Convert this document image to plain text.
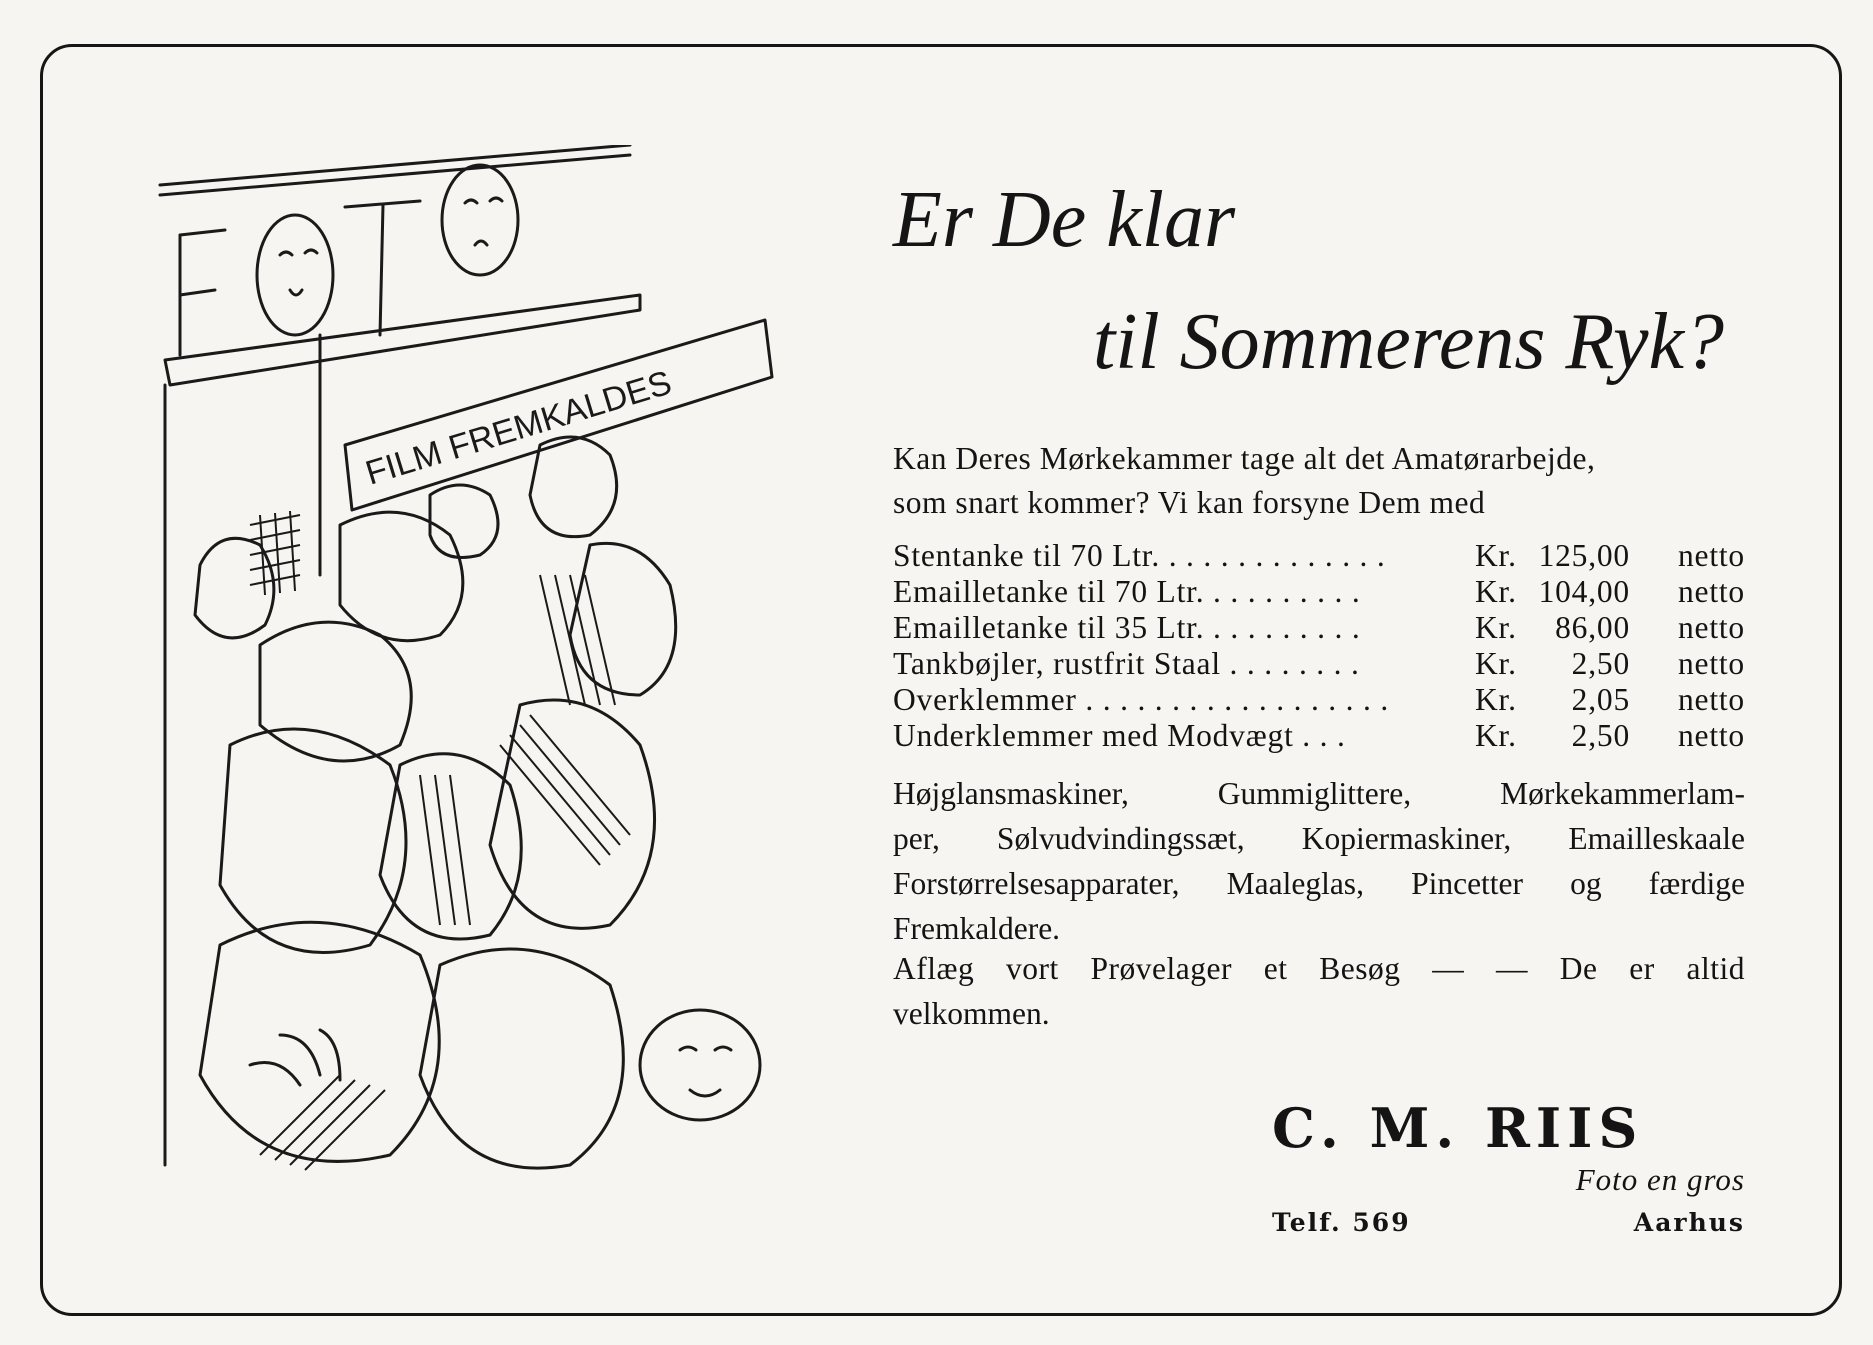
FILM FREMKALDES
Er De klar
til Sommerens Ryk?

Kan Deres Mørkekammer tage alt det Amatørarbejde,
som snart kommer? Vi kan forsyne Dem med

Stentanke til 70 Ltr. . . . . . . . . . . . . .	Kr. 125,00 netto
Emailletanke til 70 Ltr. . . . . . . . . .	Kr. 104,00 netto
Emailletanke til 35 Ltr. . . . . . . . . .	Kr. 86,00 netto
Tankbøjler, rustfrit Staal . . . . . . . .	Kr. 2,50 netto
Overklemmer . . . . . . . . . . . . . . . . . .	Kr. 2,05 netto
Underklemmer med Modvægt . . .	Kr. 2,50 netto

Højglansmaskiner, Gummiglittere, Mørkekammerlam-
per, Sølvudvindingssæt, Kopiermaskiner, Emailleskaale
Forstørrelsesapparater, Maaleglas, Pincetter og færdige
Fremkaldere.

Aflæg vort Prøvelager et Besøg — — De er altid
velkommen.

C. M. RIIS

Foto en gros

Telf. 569	Aarhus
